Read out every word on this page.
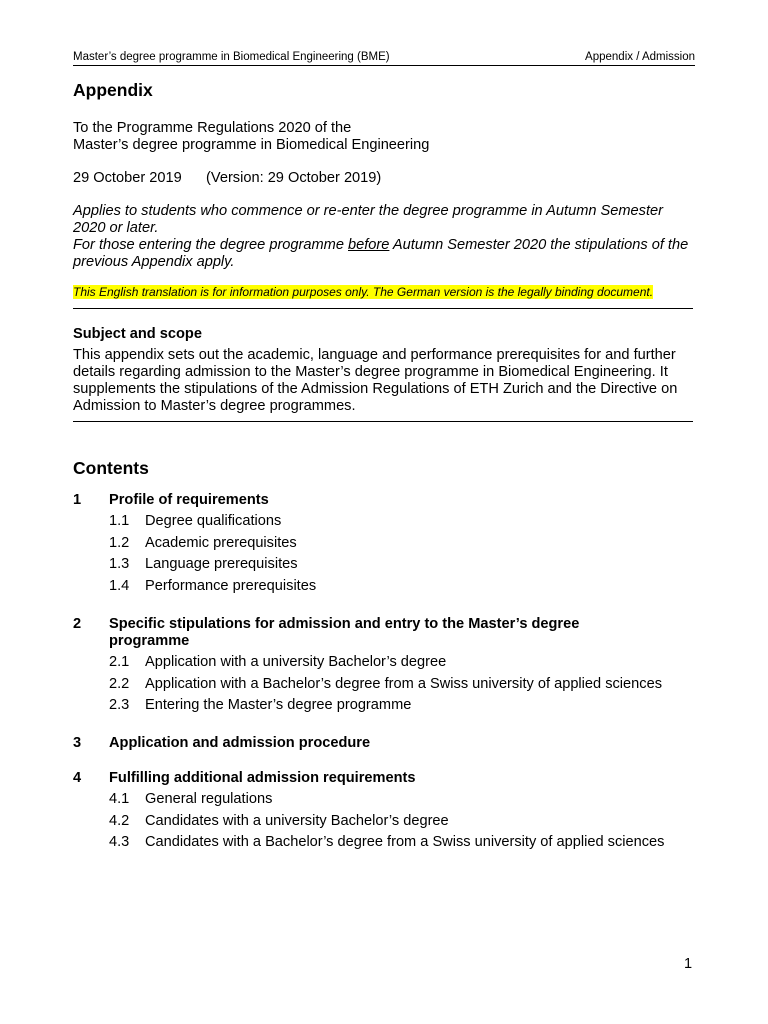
Master’s degree programme in Biomedical Engineering (BME)	Appendix / Admission
Appendix

To the Programme Regulations 2020 of the

Master’s degree programme in Biomedical Engineering

29 October 2019      (Version: 29 October 2019)

Applies to students who commence or re-enter the degree programme in Autumn Semester 2020 or later.

For those entering the degree programme before Autumn Semester 2020 the stipulations of the previous Appendix apply.

This English translation is for information purposes only. The German version is the legally binding document.
Subject and scope

This appendix sets out the academic, language and performance prerequisites for and further details regarding admission to the Master’s degree programme in Biomedical Engineering. It supplements the stipulations of the Admission Regulations of ETH Zurich and the Directive on Admission to Master’s degree programmes.

Contents
1	Profile of requirements
1.1	Degree qualifications
1.2	Academic prerequisites
1.3	Language prerequisites
1.4	Performance prerequisites
2	Specific stipulations for admission and entry to the Master’s degree programme
2.1	Application with a university Bachelor’s degree
2.2	Application with a Bachelor’s degree from a Swiss university of applied sciences
2.3	Entering the Master’s degree programme
3	Application and admission procedure
4	Fulfilling additional admission requirements
4.1	General regulations
4.2	Candidates with a university Bachelor’s degree
4.3	Candidates with a Bachelor’s degree from a Swiss university of applied sciences
1
